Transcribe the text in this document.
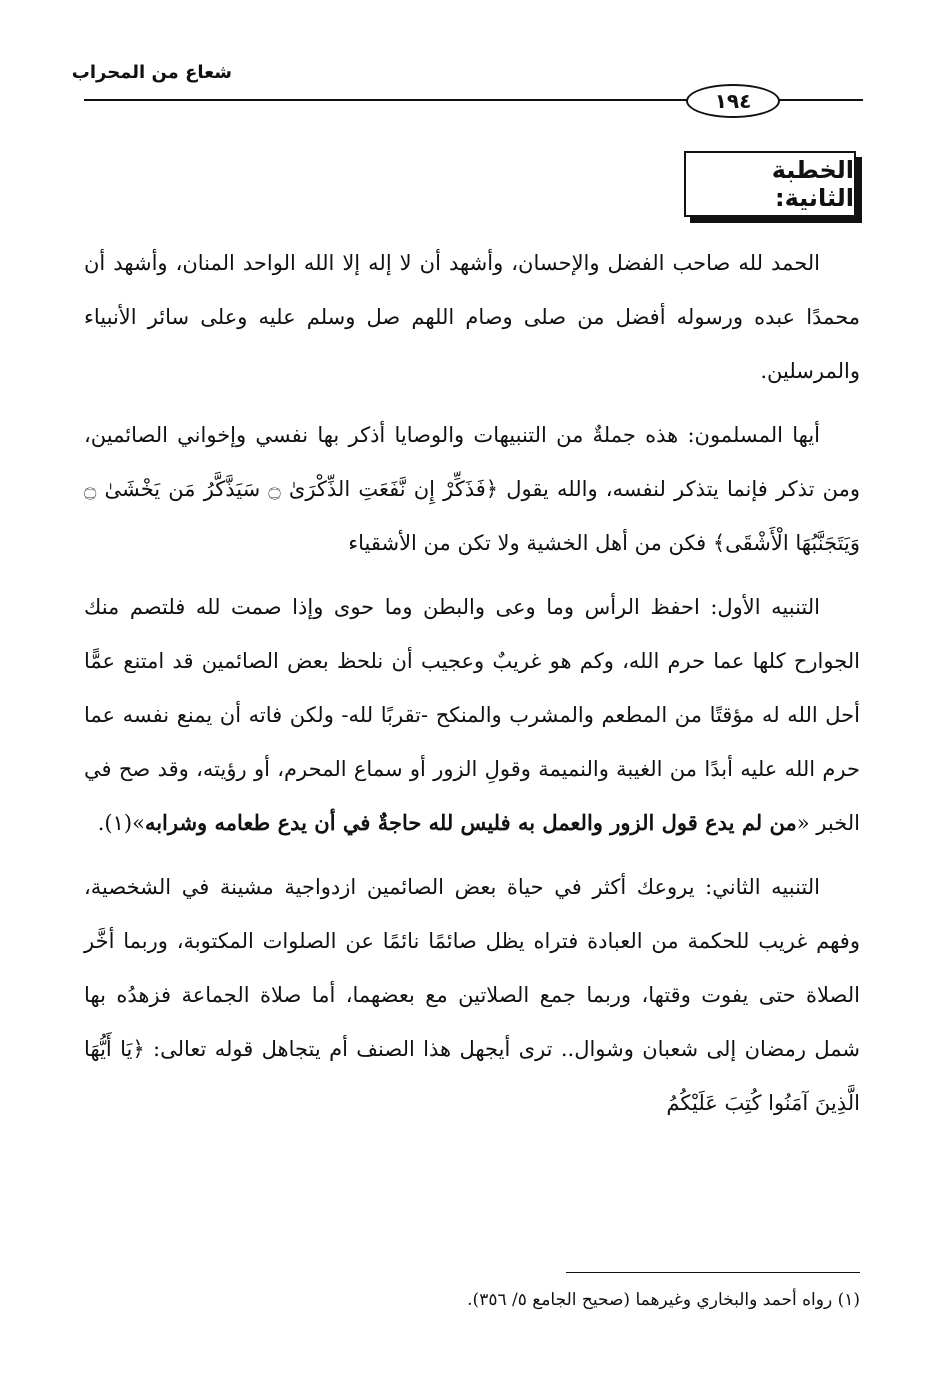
شعاع من المحراب
١٩٤
الخطبة الثانية:

الحمد لله صاحب الفضل والإحسان، وأشهد أن لا إله إلا الله الواحد المنان، وأشهد أن محمدًا عبده ورسوله أفضل من صلى وصام اللهم صل وسلم عليه وعلى سائر الأنبياء والمرسلين.

أيها المسلمون: هذه جملةٌ من التنبيهات والوصايا أذكر بها نفسي وإخواني الصائمين، ومن تذكر فإنما يتذكر لنفسه، والله يقول ﴿فَذَكِّرْ إِن نَّفَعَتِ الذِّكْرَىٰ ۝ سَيَذَّكَّرُ مَن يَخْشَىٰ ۝ وَيَتَجَنَّبُهَا الْأَشْقَى﴾ فكن من أهل الخشية ولا تكن من الأشقياء

التنبيه الأول: احفظ الرأس وما وعى والبطن وما حوى وإذا صمت لله فلتصم منك الجوارح كلها عما حرم الله، وكم هو غريبٌ وعجيب أن نلحظ بعض الصائمين قد امتنع عمًّا أحل الله له مؤقتًا من المطعم والمشرب والمنكح -تقربًا لله- ولكن فاته أن يمنع نفسه عما حرم الله عليه أبدًا من الغيبة والنميمة وقولِ الزور أو سماع المحرم، أو رؤيته، وقد صح في الخبر «من لم يدع قول الزور والعمل به فليس لله حاجةٌ في أن يدع طعامه وشرابه»(١).

التنبيه الثاني: يروعك أكثر في حياة بعض الصائمين ازدواجية مشينة في الشخصية، وفهم غريب للحكمة من العبادة فتراه يظل صائمًا نائمًا عن الصلوات المكتوبة، وربما أخَّر الصلاة حتى يفوت وقتها، وربما جمع الصلاتين مع بعضهما، أما صلاة الجماعة فزهدُه بها شمل رمضان إلى شعبان وشوال.. ترى أيجهل هذا الصنف أم يتجاهل قوله تعالى: ﴿يَا أَيُّهَا الَّذِينَ آمَنُوا كُتِبَ عَلَيْكُمُ

(١) رواه أحمد والبخاري وغيرهما (صحيح الجامع ٥/ ٣٥٦).
